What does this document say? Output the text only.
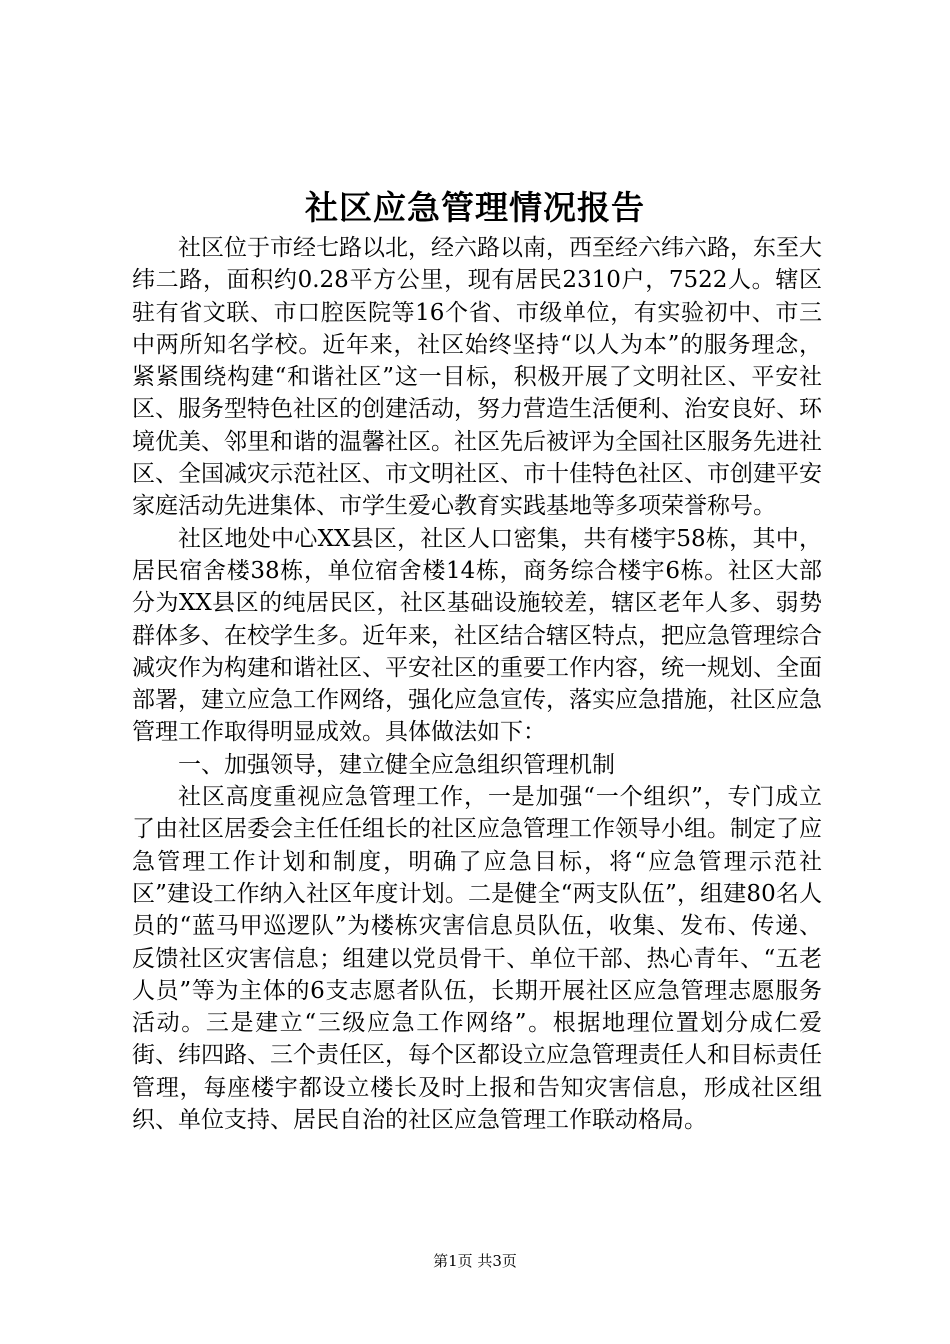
社区应急管理情况报告

社区位于市经七路以北，经六路以南，西至经六纬六路，东至大纬二路，面积约0.28平方公里，现有居民2310户，7522人。辖区驻有省文联、市口腔医院等16个省、市级单位，有实验初中、市三中两所知名学校。近年来，社区始终坚持“以人为本”的服务理念，紧紧围绕构建“和谐社区”这一目标，积极开展了文明社区、平安社区、服务型特色社区的创建活动，努力营造生活便利、治安良好、环境优美、邻里和谐的温馨社区。社区先后被评为全国社区服务先进社区、全国减灾示范社区、市文明社区、市十佳特色社区、市创建平安家庭活动先进集体、市学生爱心教育实践基地等多项荣誉称号。

社区地处中心XX县区，社区人口密集，共有楼宇58栋，其中，居民宿舍楼38栋，单位宿舍楼14栋，商务综合楼宇6栋。社区大部分为XX县区的纯居民区，社区基础设施较差，辖区老年人多、弱势群体多、在校学生多。近年来，社区结合辖区特点，把应急管理综合减灾作为构建和谐社区、平安社区的重要工作内容，统一规划、全面部署，建立应急工作网络，强化应急宣传，落实应急措施，社区应急管理工作取得明显成效。具体做法如下：

一、加强领导，建立健全应急组织管理机制

社区高度重视应急管理工作，一是加强“一个组织”，专门成立了由社区居委会主任任组长的社区应急管理工作领导小组。制定了应急管理工作计划和制度，明确了应急目标，将“应急管理示范社区”建设工作纳入社区年度计划。二是健全“两支队伍”，组建80名人员的“蓝马甲巡逻队”为楼栋灾害信息员队伍，收集、发布、传递、反馈社区灾害信息；组建以党员骨干、单位干部、热心青年、“五老人员”等为主体的6支志愿者队伍，长期开展社区应急管理志愿服务活动。三是建立“三级应急工作网络”。根据地理位置划分成仁爱街、纬四路、三个责任区，每个区都设立应急管理责任人和目标责任管理，每座楼宇都设立楼长及时上报和告知灾害信息，形成社区组织、单位支持、居民自治的社区应急管理工作联动格局。

第1页 共3页
